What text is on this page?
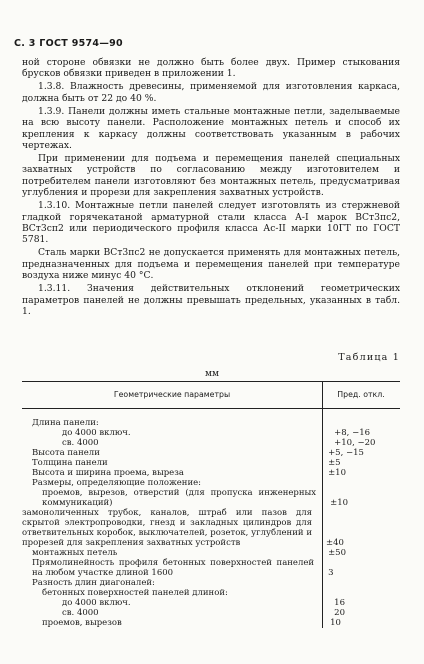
С. 3 ГОСТ 9574—90

ной стороне обвязки не должно быть более двух. Пример стыкования брусков обвязки приведен в приложении 1.

1.3.8. Влажность древесины, применяемой для изготовления каркаса, должна быть от 22 до 40 %.

1.3.9. Панели должны иметь стальные монтажные петли, заделываемые на всю высоту панели. Расположение монтажных петель и способ их крепления к каркасу должны соответствовать указанным в рабочих чертежах.

При применении для подъема и перемещения панелей специальных захватных устройств по согласованию между изготовителем и потребителем панели изготовляют без монтажных петель, предусматривая углубления и прорези для закрепления захватных устройств.

1.3.10. Монтажные петли панелей следует изготовлять из стержневой гладкой горячекатаной арматурной стали класса А-I марок ВСт3пс2, ВСт3сп2 или периодического профиля класса Ас-II марки 10ГТ по ГОСТ 5781.

Сталь марки ВСт3пс2 не допускается применять для монтажных петель, предназначенных для подъема и перемещения панелей при температуре воздуха ниже минус 40 °С.

1.3.11. Значения действительных отклонений геометрических параметров панелей не должны превышать предельных, указанных в табл. 1.

Таблица 1
мм
Геометрические параметры	Пред. откл.
Длина панели:
до 4000 включ.	+8, −16
св. 4000	+10, −20
Высота панели	+5, −15
Толщина панели	±5
Высота и ширина проема, выреза	±10
Размеры, определяющие положение:
проемов, вырезов, отверстий (для пропуска инженерных коммуникаций)	±10
замоноличенных трубок, каналов, штраб или пазов для скрытой электропроводки, гнезд и закладных цилиндров для ответвительных коробок, выключателей, розеток, углублений и прорезей для закрепления захватных устройств	±40
монтажных петель	±50
Прямолинейность профиля бетонных поверхностей панелей на любом участке длиной 1600	3
Разность длин диагоналей:
бетонных поверхностей панелей длиной:
до 4000 включ.	16
св. 4000	20
проемов, вырезов	10
